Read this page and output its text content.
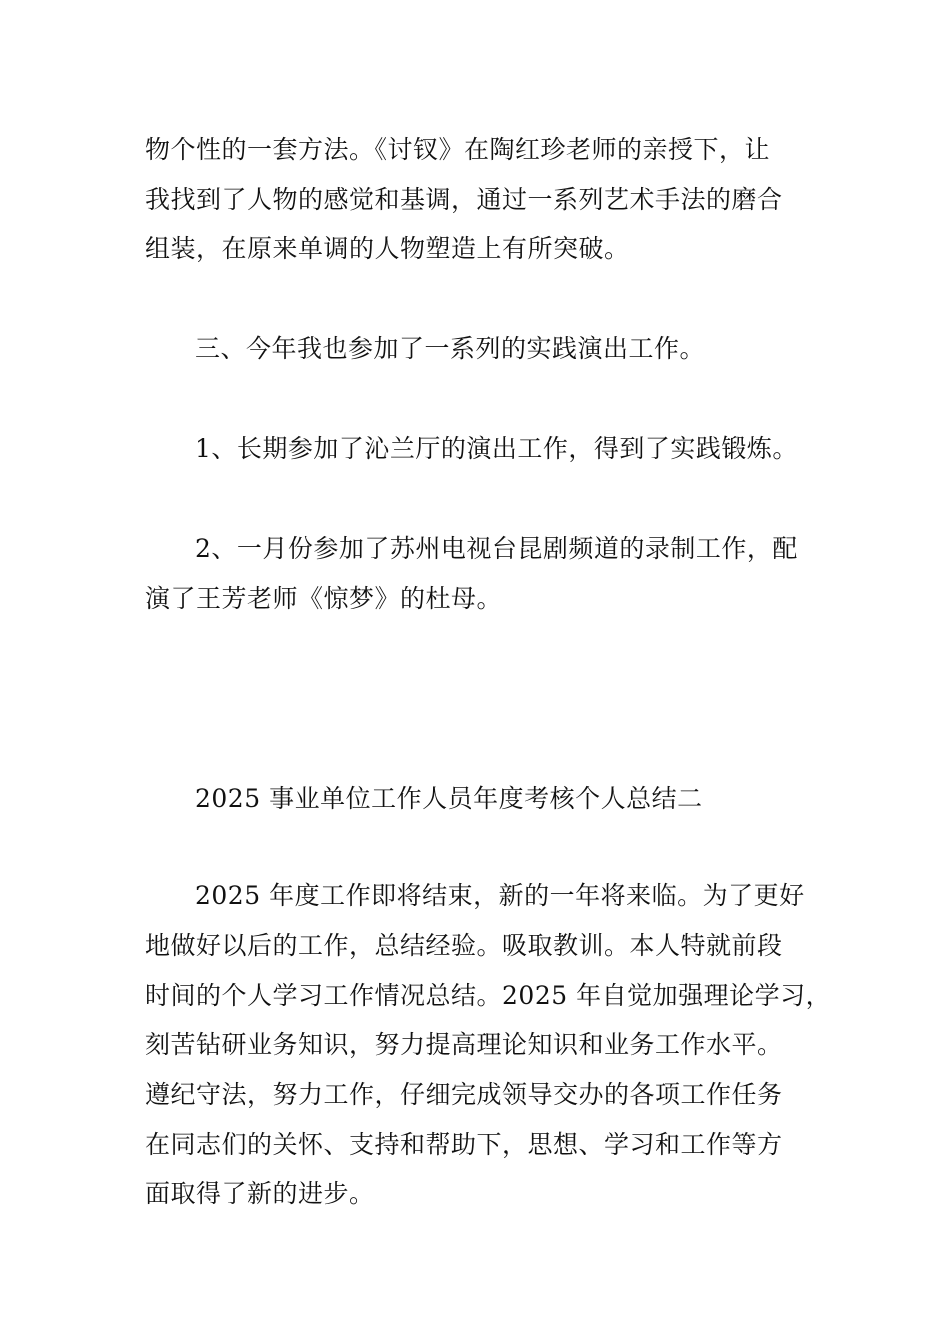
物个性的一套方法。《讨钗》在陶红珍老师的亲授下，让
我找到了人物的感觉和基调，通过一系列艺术手法的磨合
组装，在原来单调的人物塑造上有所突破。
三、今年我也参加了一系列的实践演出工作。
1、长期参加了沁兰厅的演出工作，得到了实践锻炼。
2、一月份参加了苏州电视台昆剧频道的录制工作，配
演了王芳老师《惊梦》的杜母。
2025 事业单位工作人员年度考核个人总结二
2025 年度工作即将结束，新的一年将来临。为了更好
地做好以后的工作，总结经验。吸取教训。本人特就前段
时间的个人学习工作情况总结。2025 年自觉加强理论学习，
刻苦钻研业务知识，努力提高理论知识和业务工作水平。
遵纪守法，努力工作，仔细完成领导交办的各项工作任务
在同志们的关怀、支持和帮助下，思想、学习和工作等方
面取得了新的进步。
